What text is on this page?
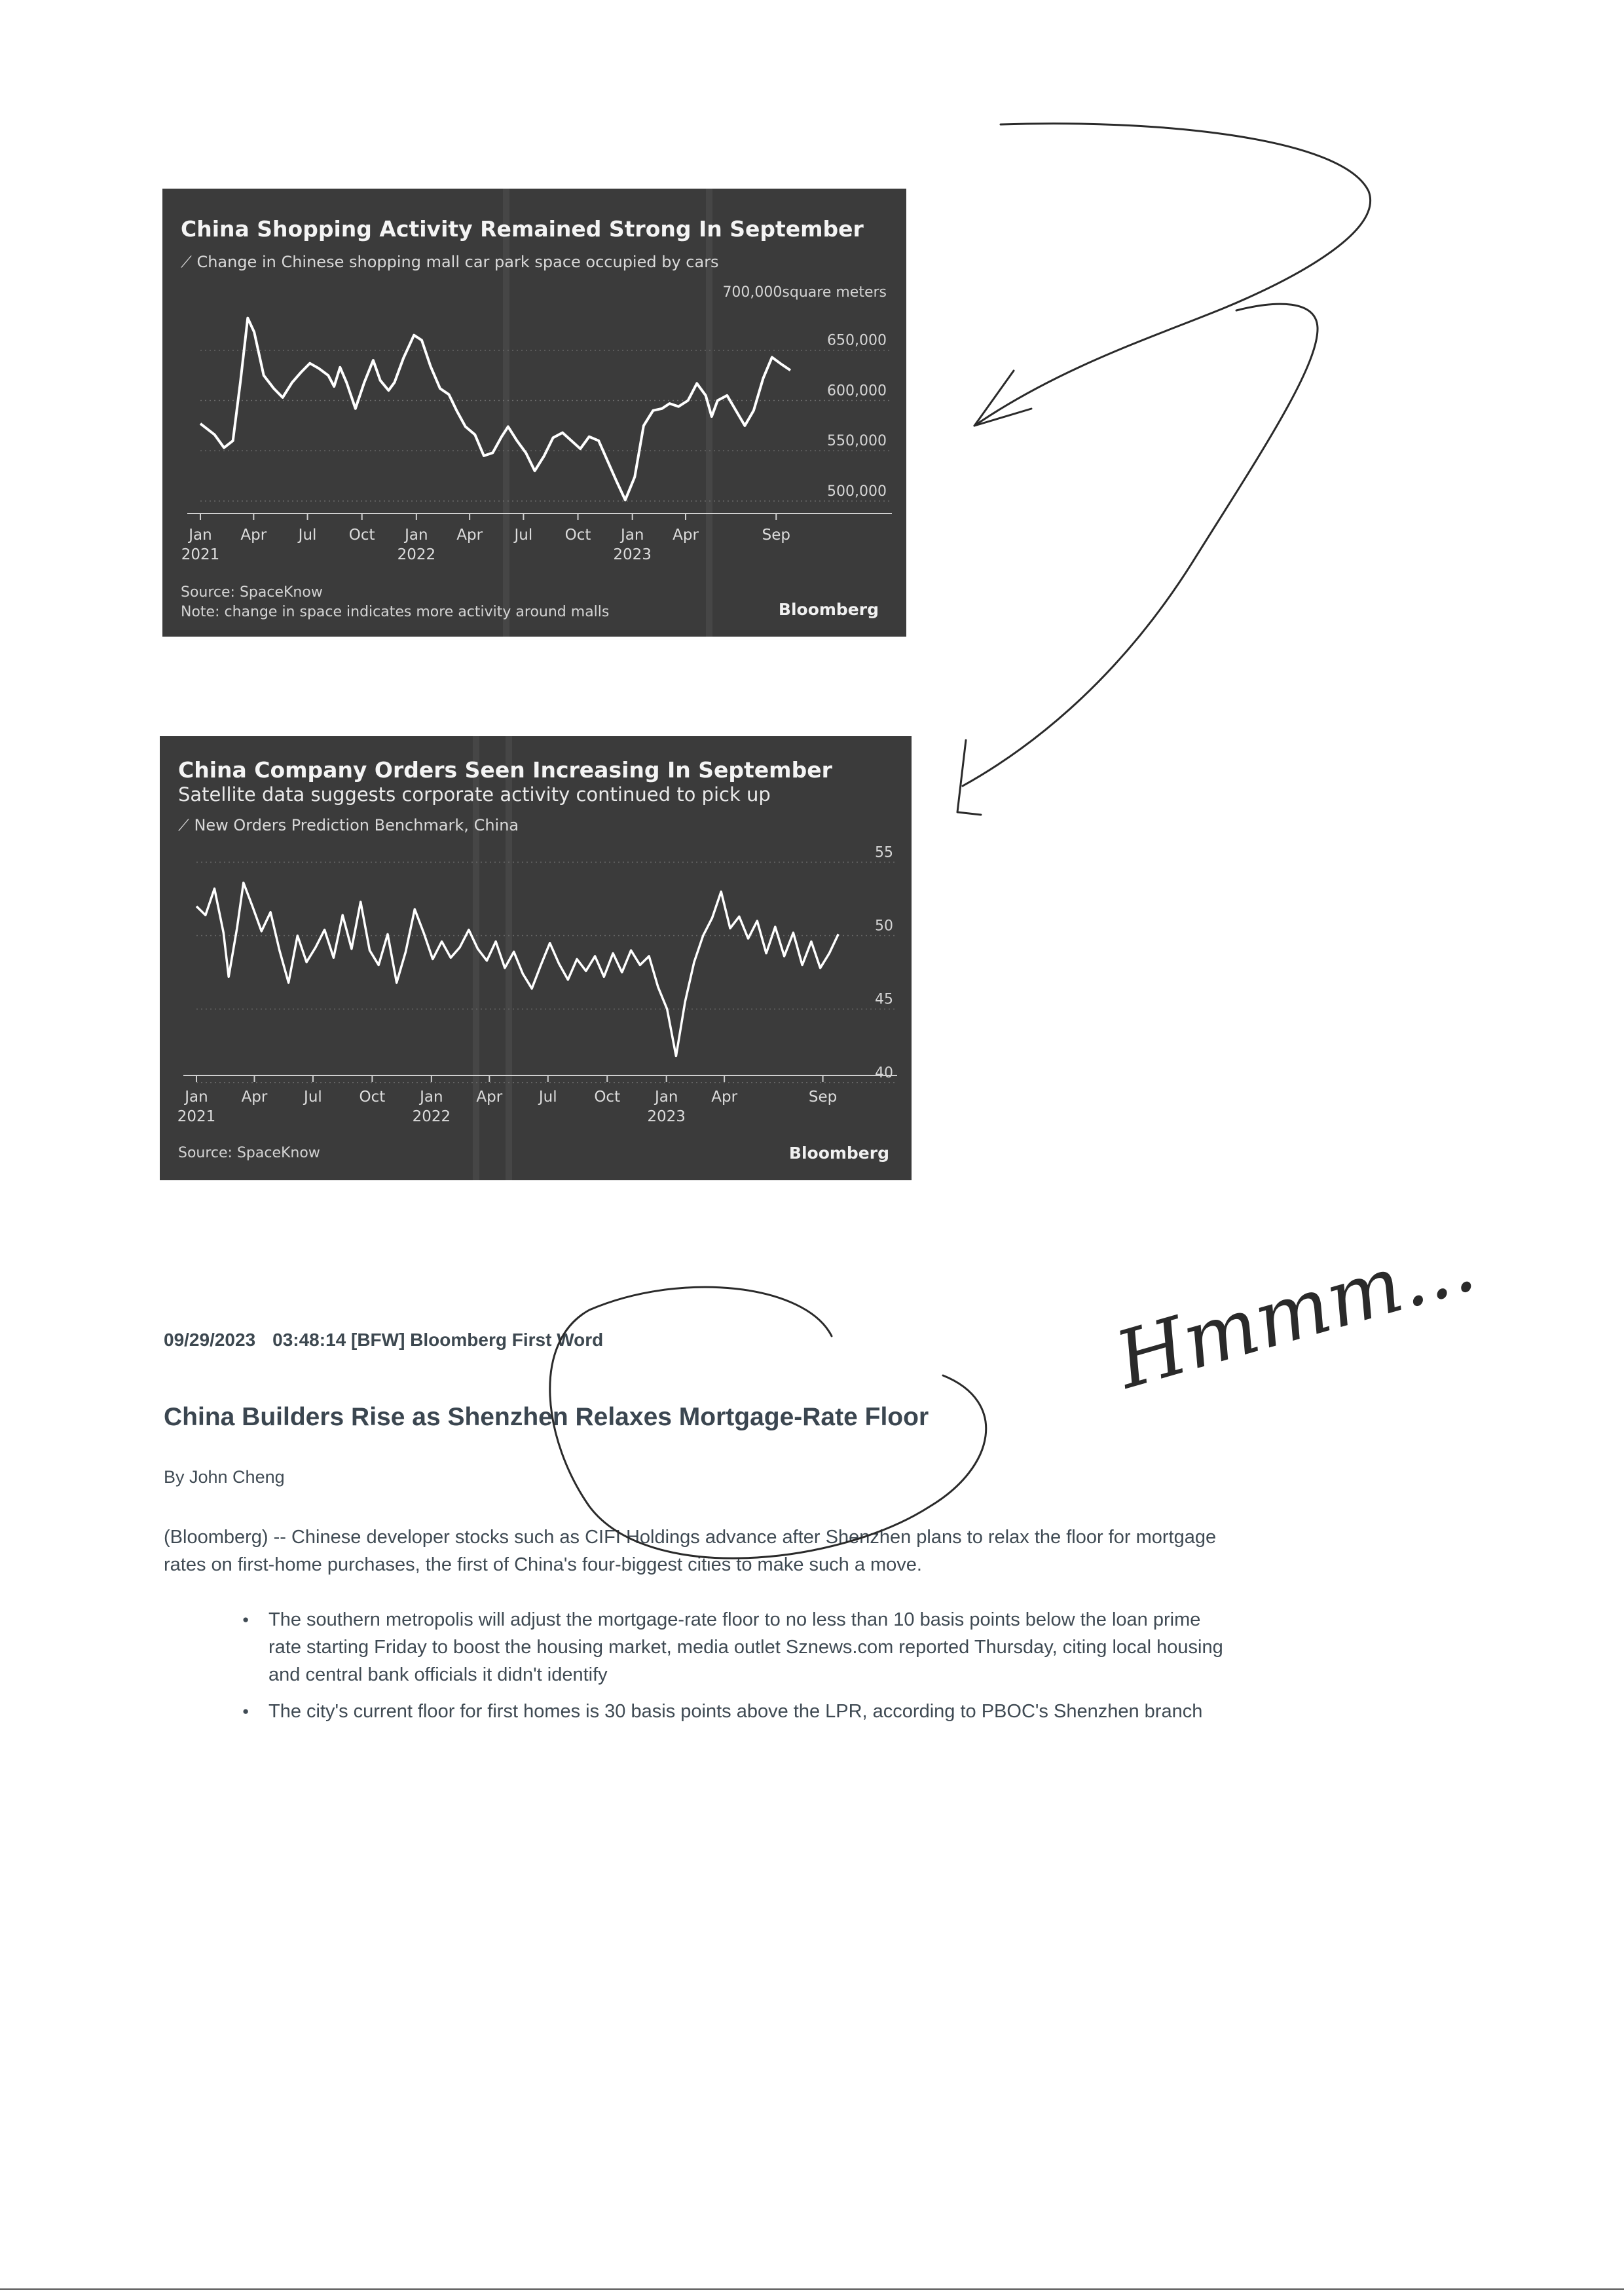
China Shopping Activity Remained Strong In September
⟋ Change in Chinese shopping mall car park space occupied by cars
700,000square meters
500,000
550,000
600,000
650,000
Jan
2021
Apr Jul Oct Jan
2022
Apr Jul Oct Jan
2023
Apr	Sep
Source: SpaceKnow
Note: change in space indicates more activity around malls	Bloomberg
China Company Orders Seen Increasing In September
Satellite data suggests corporate activity continued to pick up
⟋ New Orders Prediction Benchmark, China
40
45
50
55
Jan
2021
Apr Jul Oct Jan
2022
Apr Jul Oct Jan
2023
Apr	Sep
Source: SpaceKnow	Bloomberg
09/29/2023 03:48:14 [BFW] Bloomberg First Word
China Builders Rise as Shenzhen Relaxes Mortgage-Rate Floor
By John Cheng
(Bloomberg) -- Chinese developer stocks such as CIFI Holdings advance after Shenzhen plans to relax the floor for mortgage rates on first-home purchases, the first of China's four-biggest cities to make such a move.
● The southern metropolis will adjust the mortgage-rate floor to no less than 10 basis points below the loan prime rate starting Friday to boost the housing market, media outlet Sznews.com reported Thursday, citing local housing and central bank officials it didn't identify
● The city's current floor for first homes is 30 basis points above the LPR, according to PBOC's Shenzhen branch
Hmmm...
